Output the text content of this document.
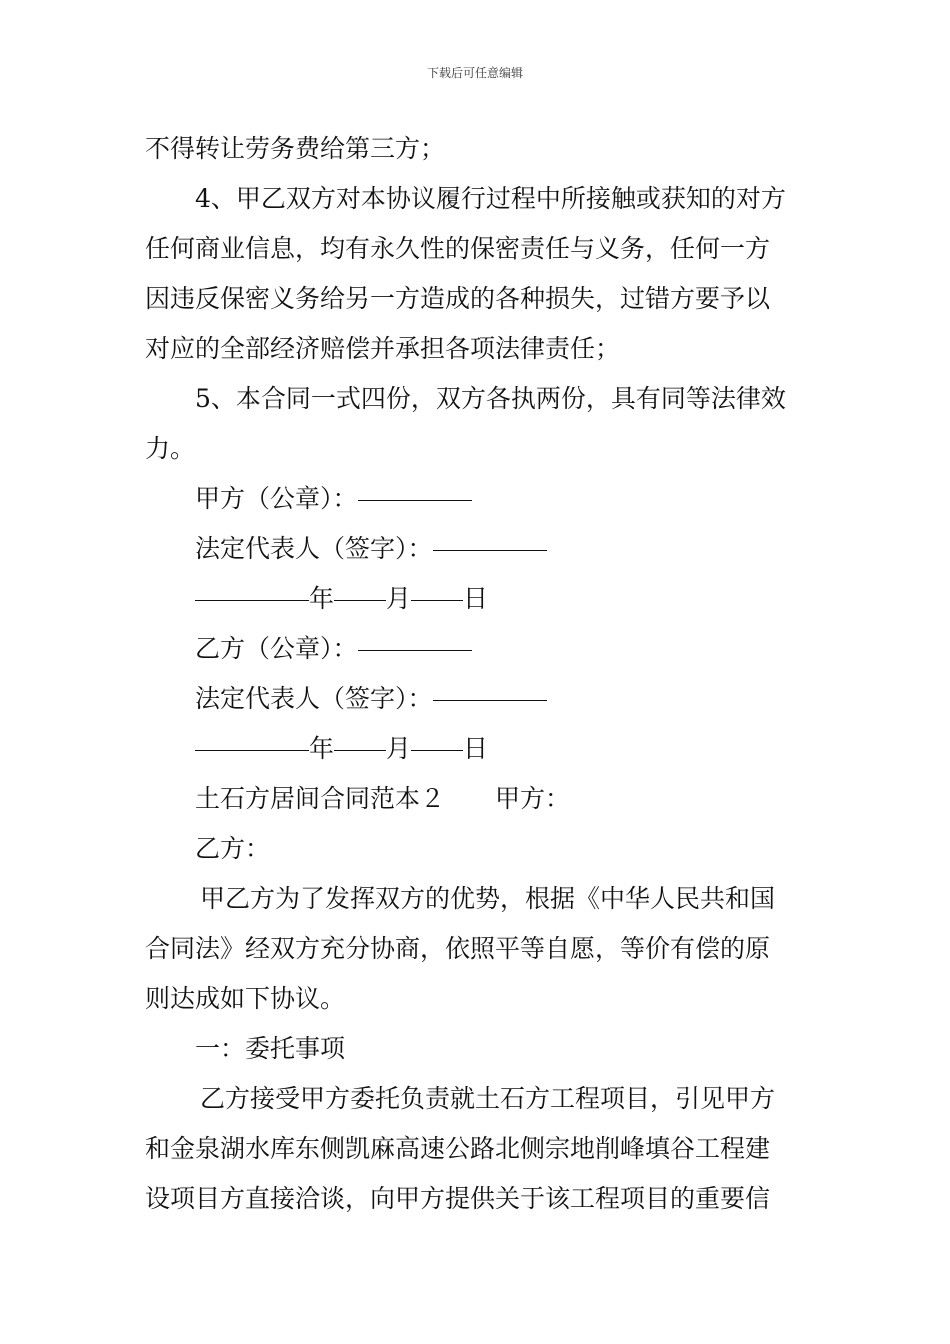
下载后可任意编辑
不得转让劳务费给第三方；
4、甲乙双方对本协议履行过程中所接触或获知的对方
任何商业信息，均有永久性的保密责任与义务，任何一方
因违反保密义务给另一方造成的各种损失，过错方要予以
对应的全部经济赔偿并承担各项法律责任；
5、本合同一式四份，双方各执两份，具有同等法律效
力。
甲方（公章）：
法定代表人（签字）：
年 月 日
乙方（公章）：
法定代表人（签字）：
年 月 日
土石方居间合同范本２ 甲方：
乙方：
甲乙方为了发挥双方的优势，根据《中华人民共和国
合同法》经双方充分协商，依照平等自愿，等价有偿的原
则达成如下协议。
一：委托事项
乙方接受甲方委托负责就土石方工程项目，引见甲方
和金泉湖水库东侧凯麻高速公路北侧宗地削峰填谷工程建
设项目方直接洽谈，向甲方提供关于该工程项目的重要信
